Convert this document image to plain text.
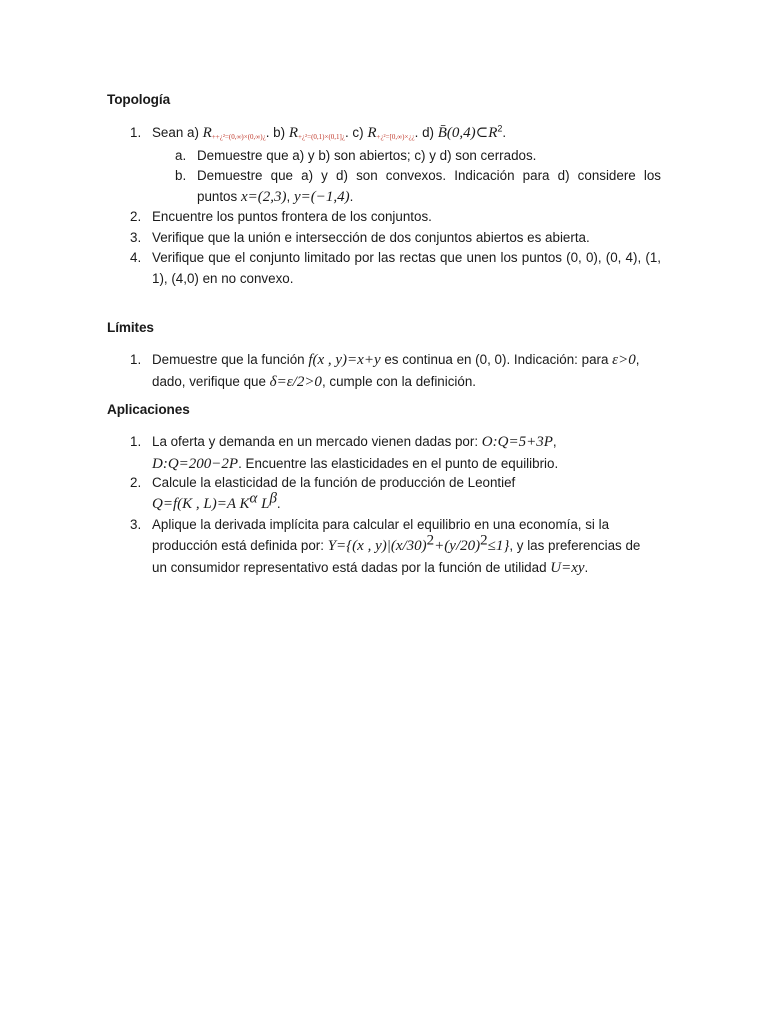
Topología
1. Sean a) R++¿²=(0,∞)×(0,∞)¿. b) R+¿²=(0,1)×(0,1]¿. c) R+¿²=[0,∞)×¿¿. d) $B̄(0,4)\subset R^2$.
a. Demuestre que a) y b) son abiertos; c) y d) son cerrados.
b. Demuestre que a) y d) son convexos. Indicación para d) considere los
puntos x=(2,3), y=(−1,4).
2. Encuentre los puntos frontera de los conjuntos.
3. Verifique que la unión e intersección de dos conjuntos abiertos es abierta.
4. Verifique que el conjunto limitado por las rectas que unen los puntos (0, 0), (0, 4), (1, 1), (4,0) en no convexo.
Límites
1. Demuestre que la función f(x , y)=x+y es continua en (0, 0). Indicación: para ε>0,
dado, verifique que δ=ε/2>0, cumple con la definición.
Aplicaciones
1. La oferta y demanda en un mercado vienen dadas por: O:Q=5+3P,
D:Q=200−2P. Encuentre las elasticidades en el punto de equilibrio.
2. Calcule la elasticidad de la función de producción de Leontief
Q=f(K , L)=A $K^\alpha$ $L^\beta$.
3. Aplique la derivada implícita para calcular el equilibrio en una economía, si la
producción está definida por: Y={(x , $y)|(x/30)^2+(y/20)^2\le 1$}, y las preferencias de
un consumidor representativo está dadas por la función de utilidad U=xy.
